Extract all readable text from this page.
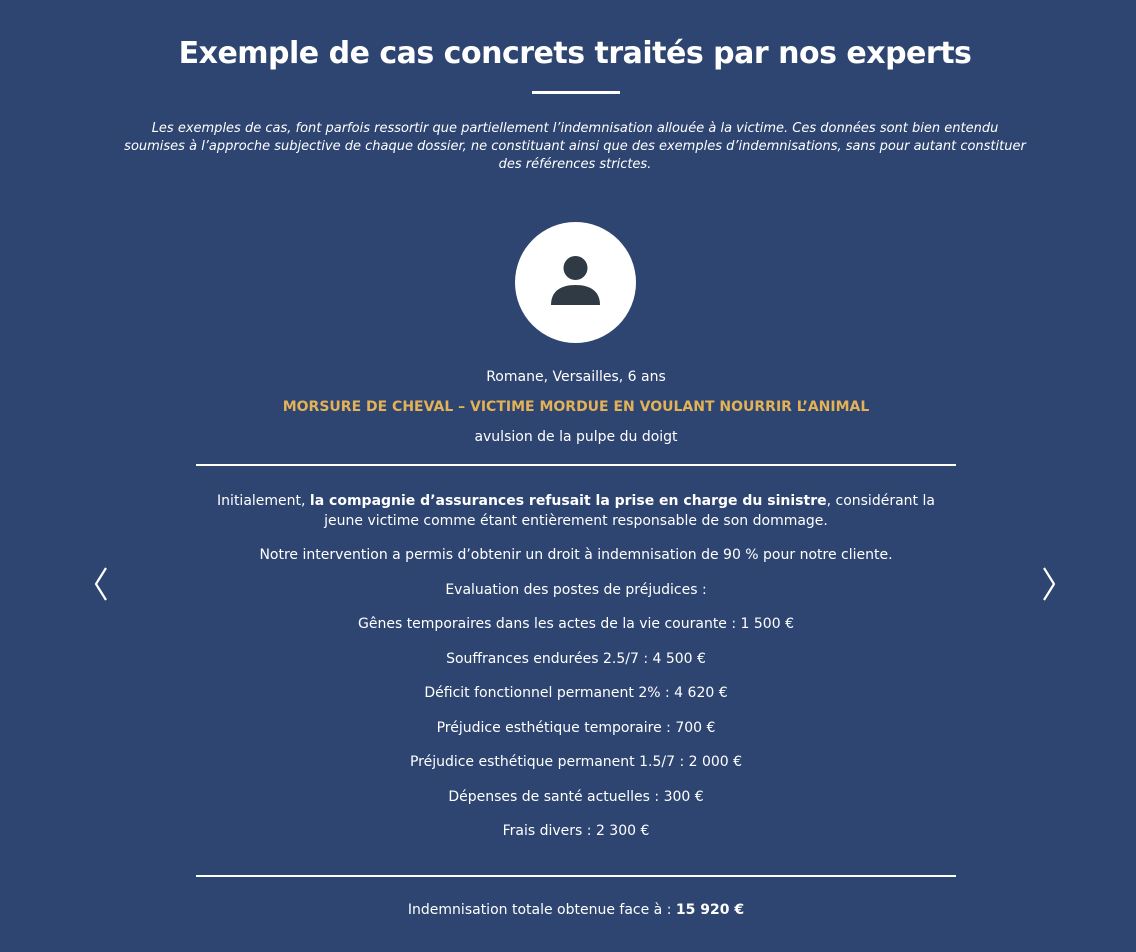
Exemple de cas concrets traités par nos experts

Les exemples de cas, font parfois ressortir que partiellement l’indemnisation allouée à la victime. Ces données sont bien entendu soumises à l’approche subjective de chaque dossier, ne constituant ainsi que des exemples d’indemnisations, sans pour autant constituer des références strictes.

Romane, Versailles, 6 ans

MORSURE DE CHEVAL – VICTIME MORDUE EN VOULANT NOURRIR L’ANIMAL

avulsion de la pulpe du doigt

Initialement, la compagnie d’assurances refusait la prise en charge du sinistre, considérant la jeune victime comme étant entièrement responsable de son dommage.

Notre intervention a permis d’obtenir un droit à indemnisation de 90 % pour notre cliente.

Evaluation des postes de préjudices :

Gênes temporaires dans les actes de la vie courante : 1 500 €
Souffrances endurées 2.5/7 : 4 500 €
Déficit fonctionnel permanent 2% : 4 620 €
Préjudice esthétique temporaire : 700 €
Préjudice esthétique permanent 1.5/7 : 2 000 €
Dépenses de santé actuelles : 300 €
Frais divers : 2 300 €

Indemnisation totale obtenue face à : 15 920 €
